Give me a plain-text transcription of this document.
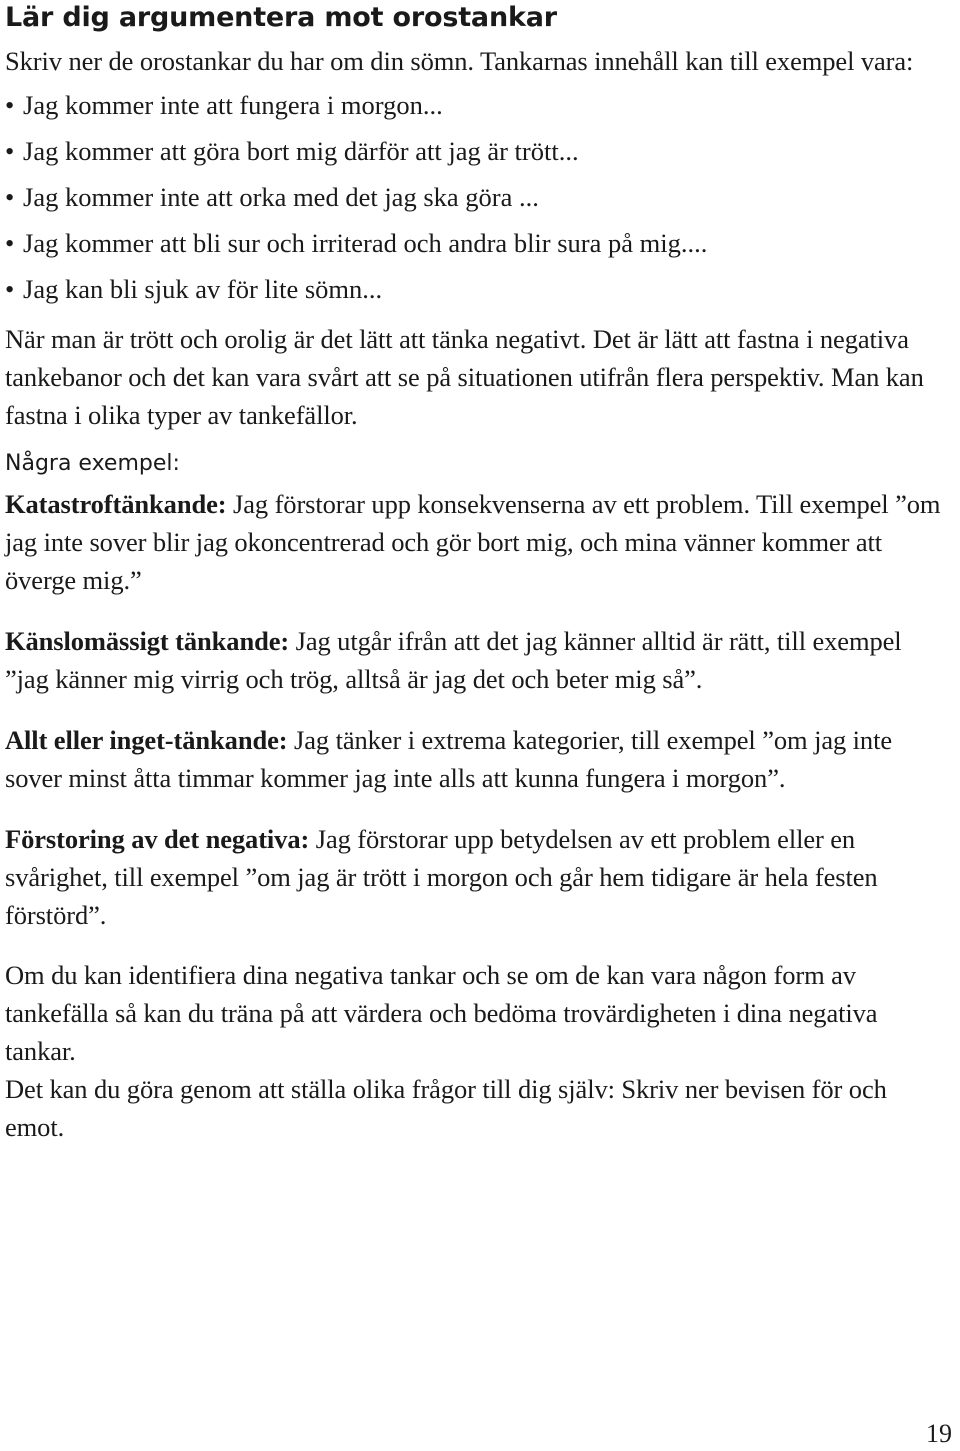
Lär dig argumentera mot orostankar

Skriv ner de orostankar du har om din sömn. Tankarnas innehåll kan till exempel vara:

• Jag kommer inte att fungera i morgon...
• Jag kommer att göra bort mig därför att jag är trött...
• Jag kommer inte att orka med det jag ska göra ...
• Jag kommer att bli sur och irriterad och andra blir sura på mig....
• Jag kan bli sjuk av för lite sömn...

När man är trött och orolig är det lätt att tänka negativt. Det är lätt att fastna i negativa tankebanor och det kan vara svårt att se på situationen utifrån flera perspektiv. Man kan fastna i olika typer av tankefällor.

Några exempel:

Katastroftänkande: Jag förstorar upp konsekvenserna av ett problem. Till exempel ”om jag inte sover blir jag okoncentrerad och gör bort mig, och mina vänner kommer att överge mig.”

Känslomässigt tänkande: Jag utgår ifrån att det jag känner alltid är rätt, till exempel ”jag känner mig virrig och trög, alltså är jag det och beter mig så”.

Allt eller inget-tänkande: Jag tänker i extrema kategorier, till exempel ”om jag inte sover minst åtta timmar kommer jag inte alls att kunna fungera i morgon”.

Förstoring av det negativa: Jag förstorar upp betydelsen av ett problem eller en svårighet, till exempel ”om jag är trött i morgon och går hem tidigare är hela festen förstörd”.

Om du kan identifiera dina negativa tankar och se om de kan vara någon form av tankefälla så kan du träna på att värdera och bedöma trovärdigheten i dina negativa tankar.

Det kan du göra genom att ställa olika frågor till dig själv: Skriv ner bevisen för och emot.

19
